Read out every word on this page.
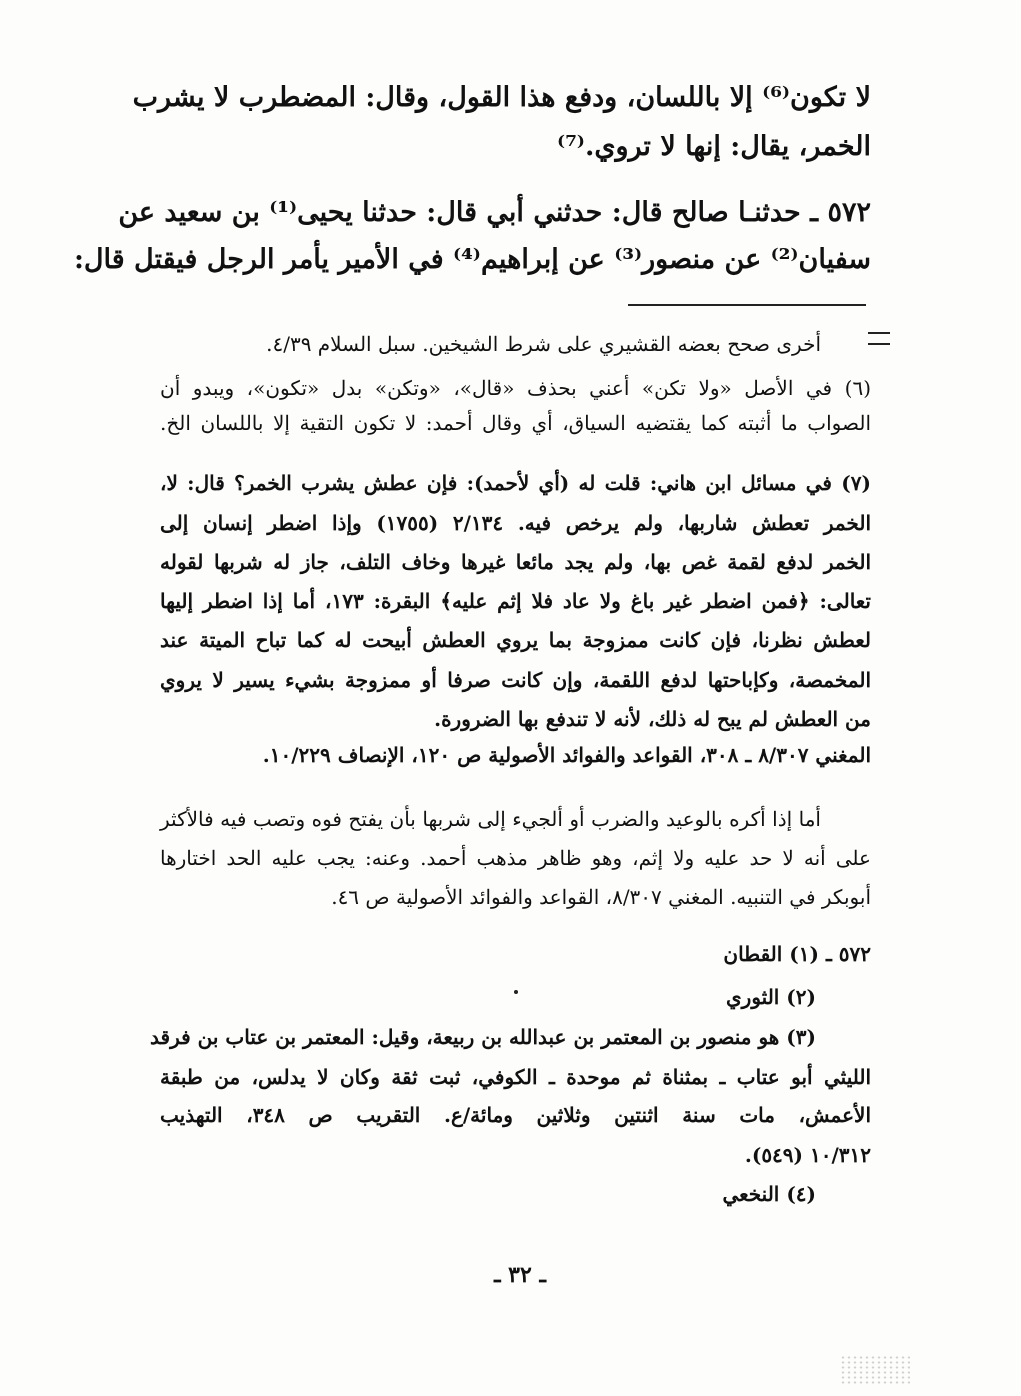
لا تكون⁽⁶⁾ إلا باللسان، ودفع هذا القول، وقال: المضطرب لا يشرب
الخمر، يقال: إنها لا تروي.⁽⁷⁾
٥٧٢ ـ حدثنـا صالح قال: حدثني أبي قال: حدثنا يحيى⁽¹⁾ بن سعيد عن
سفيان⁽²⁾ عن منصور⁽³⁾ عن إبراهيم⁽⁴⁾ في الأمير يأمر الرجل فيقتل قال:
أخرى صحح بعضه القشيري على شرط الشيخين. سبل السلام ٤/٣٩.
(٦) في الأصل «ولا تكن» أعني بحذف «قال»، «وتكن» بدل «تكون»، ويبدو أن
الصواب ما أثبته كما يقتضيه السياق، أي وقال أحمد: لا تكون التقية إلا باللسان الخ.
(٧) في مسائل ابن هاني: قلت له (أي لأحمد): فإن عطش يشرب الخمر؟ قال: لا،
الخمر تعطش شاربها، ولم يرخص فيه. ٢/١٣٤ (١٧٥٥) وإذا اضطر إنسان إلى
الخمر لدفع لقمة غص بها، ولم يجد مائعا غيرها وخاف التلف، جاز له شربها لقوله
تعالى: ﴿فمن اضطر غير باغ ولا عاد فلا إثم عليه﴾ البقرة: ١٧٣، أما إذا اضطر إليها
لعطش نظرنا، فإن كانت ممزوجة بما يروي العطش أبيحت له كما تباح الميتة عند
المخمصة، وكإباحتها لدفع اللقمة، وإن كانت صرفا أو ممزوجة بشيء يسير لا يروي
من العطش لم يبح له ذلك، لأنه لا تندفع بها الضرورة.
المغني ٨/٣٠٧ ـ ٣٠٨، القواعد والفوائد الأصولية ص ١٢٠، الإنصاف ١٠/٢٢٩.
أما إذا أكره بالوعيد والضرب أو ألجيء إلى شربها بأن يفتح فوه وتصب فيه فالأكثر
على أنه لا حد عليه ولا إثم، وهو ظاهر مذهب أحمد. وعنه: يجب عليه الحد اختارها
أبوبكر في التنبيه. المغني ٨/٣٠٧، القواعد والفوائد الأصولية ص ٤٦.
٥٧٢ ـ (١) القطان
(٢) الثوري
(٣) هو منصور بن المعتمر بن عبدالله بن ربيعة، وقيل: المعتمر بن عتاب بن فرقد
الليثي أبو عتاب ـ بمثناة ثم موحدة ـ الكوفي، ثبت ثقة وكان لا يدلس، من طبقة
الأعمش، مات سنة اثنتين وثلاثين ومائة/ع. التقريب ص ٣٤٨، التهذيب
١٠/٣١٢ (٥٤٩).
(٤) النخعي
ـ ٣٢ ـ
